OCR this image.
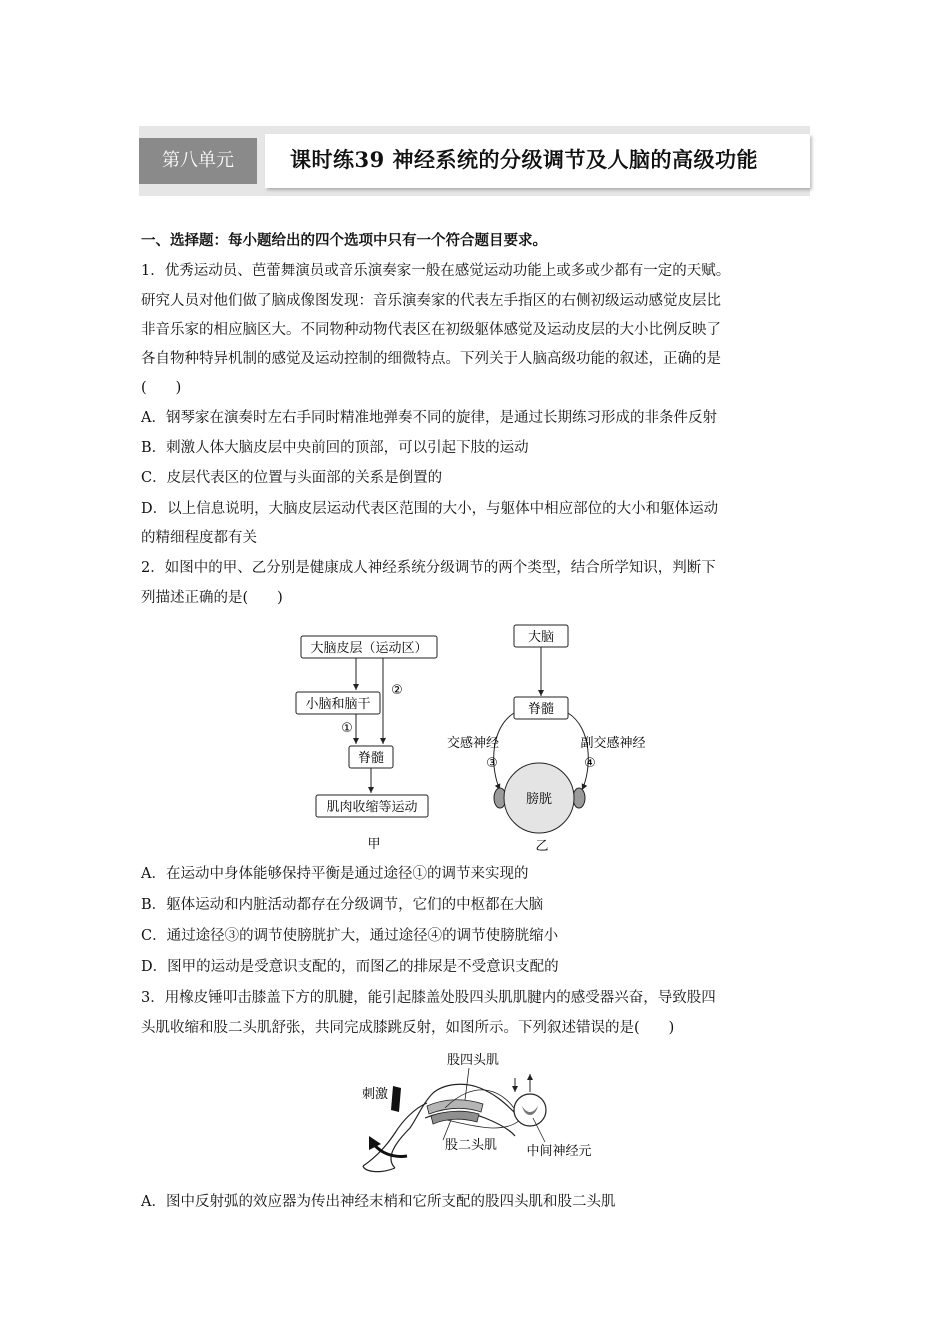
第八单元	课时练39 神经系统的分级调节及人脑的高级功能
一、选择题：每小题给出的四个选项中只有一个符合题目要求。
1．优秀运动员、芭蕾舞演员或音乐演奏家一般在感觉运动功能上或多或少都有一定的天赋。
研究人员对他们做了脑成像图发现：音乐演奏家的代表左手指区的右侧初级运动感觉皮层比
非音乐家的相应脑区大。不同物种动物代表区在初级躯体感觉及运动皮层的大小比例反映了
各自物种特异机制的感觉及运动控制的细微特点。下列关于人脑高级功能的叙述，正确的是
(　　)
A．钢琴家在演奏时左右手同时精准地弹奏不同的旋律，是通过长期练习形成的非条件反射
B．刺激人体大脑皮层中央前回的顶部，可以引起下肢的运动
C．皮层代表区的位置与头面部的关系是倒置的
D．以上信息说明，大脑皮层运动代表区范围的大小，与躯体中相应部位的大小和躯体运动
的精细程度都有关
2．如图中的甲、乙分别是健康成人神经系统分级调节的两个类型，结合所学知识，判断下
列描述正确的是(　　)
大脑皮层（运动区）
小脑和脑干
脊髓
肌肉收缩等运动
①
②
甲
大脑
脊髓
交感神经	副交感神经
③	④
膀胱
乙
A．在运动中身体能够保持平衡是通过途径①的调节来实现的
B．躯体运动和内脏活动都存在分级调节，它们的中枢都在大脑
C．通过途径③的调节使膀胱扩大，通过途径④的调节使膀胱缩小
D．图甲的运动是受意识支配的，而图乙的排尿是不受意识支配的
3．用橡皮锤叩击膝盖下方的肌腱，能引起膝盖处股四头肌肌腱内的感受器兴奋，导致股四
头肌收缩和股二头肌舒张，共同完成膝跳反射，如图所示。下列叙述错误的是(　　)
股四头肌
刺激
股二头肌 中间神经元
A．图中反射弧的效应器为传出神经末梢和它所支配的股四头肌和股二头肌
